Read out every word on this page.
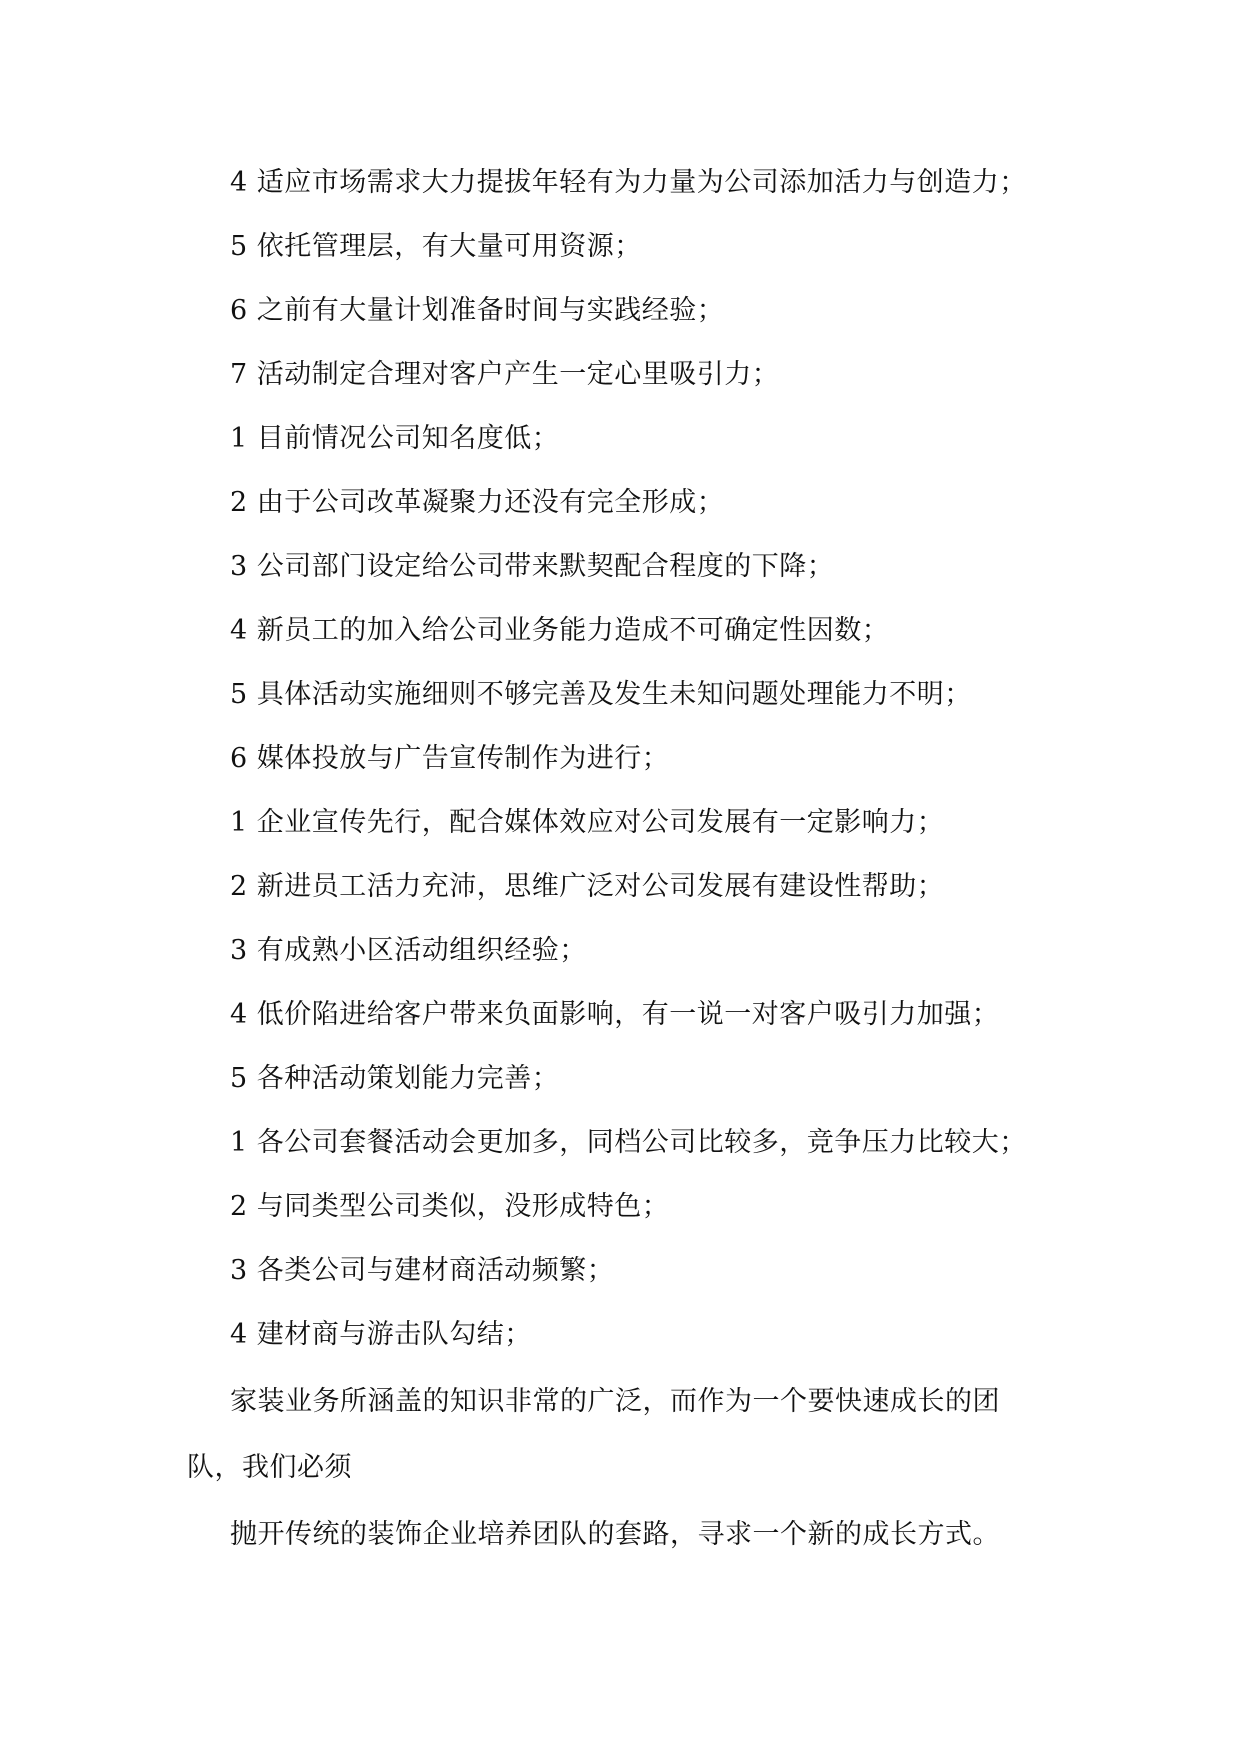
4 适应市场需求大力提拔年轻有为力量为公司添加活力与创造力；
5 依托管理层，有大量可用资源；
6 之前有大量计划准备时间与实践经验；
7 活动制定合理对客户产生一定心里吸引力；
1 目前情况公司知名度低；
2 由于公司改革凝聚力还没有完全形成；
3 公司部门设定给公司带来默契配合程度的下降；
4 新员工的加入给公司业务能力造成不可确定性因数；
5 具体活动实施细则不够完善及发生未知问题处理能力不明；
6 媒体投放与广告宣传制作为进行；
1 企业宣传先行，配合媒体效应对公司发展有一定影响力；
2 新进员工活力充沛，思维广泛对公司发展有建设性帮助；
3 有成熟小区活动组织经验；
4 低价陷进给客户带来负面影响，有一说一对客户吸引力加强；
5 各种活动策划能力完善；
1 各公司套餐活动会更加多，同档公司比较多，竞争压力比较大；
2 与同类型公司类似，没形成特色；
3 各类公司与建材商活动频繁；
4 建材商与游击队勾结；
家装业务所涵盖的知识非常的广泛，而作为一个要快速成长的团
队，我们必须
抛开传统的装饰企业培养团队的套路，寻求一个新的成长方式。
